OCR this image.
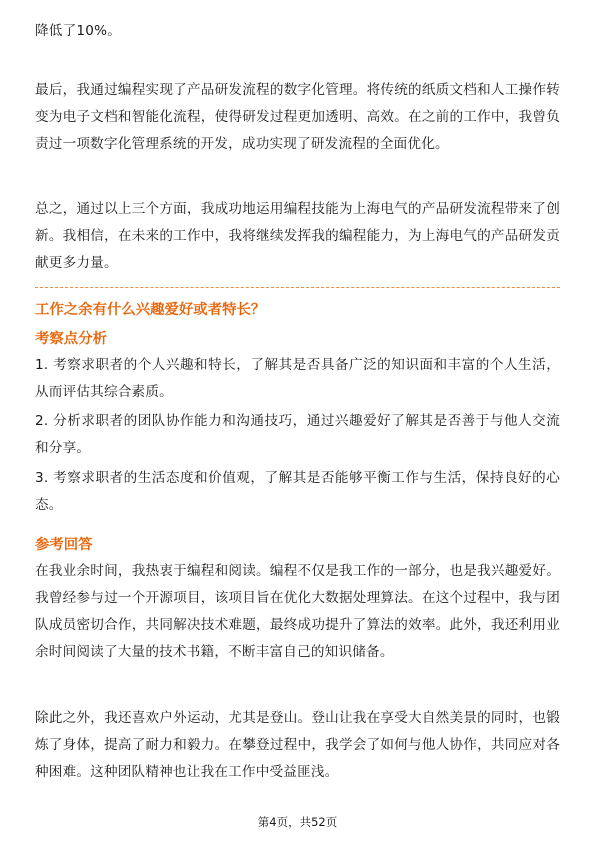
降低了10%。

最后，我通过编程实现了产品研发流程的数字化管理。将传统的纸质文档和人工操作转变为电子文档和智能化流程，使得研发过程更加透明、高效。在之前的工作中，我曾负责过一项数字化管理系统的开发，成功实现了研发流程的全面优化。

总之，通过以上三个方面，我成功地运用编程技能为上海电气的产品研发流程带来了创新。我相信，在未来的工作中，我将继续发挥我的编程能力，为上海电气的产品研发贡献更多力量。

工作之余有什么兴趣爱好或者特长？

考察点分析

1. 考察求职者的个人兴趣和特长，了解其是否具备广泛的知识面和丰富的个人生活，从而评估其综合素质。

2. 分析求职者的团队协作能力和沟通技巧，通过兴趣爱好了解其是否善于与他人交流和分享。

3. 考察求职者的生活态度和价值观，了解其是否能够平衡工作与生活，保持良好的心态。

参考回答

在我业余时间，我热衷于编程和阅读。编程不仅是我工作的一部分，也是我兴趣爱好。我曾经参与过一个开源项目，该项目旨在优化大数据处理算法。在这个过程中，我与团队成员密切合作，共同解决技术难题，最终成功提升了算法的效率。此外，我还利用业余时间阅读了大量的技术书籍，不断丰富自己的知识储备。

除此之外，我还喜欢户外运动，尤其是登山。登山让我在享受大自然美景的同时，也锻炼了身体，提高了耐力和毅力。在攀登过程中，我学会了如何与他人协作，共同应对各种困难。这种团队精神也让我在工作中受益匪浅。

第4页，共52页
